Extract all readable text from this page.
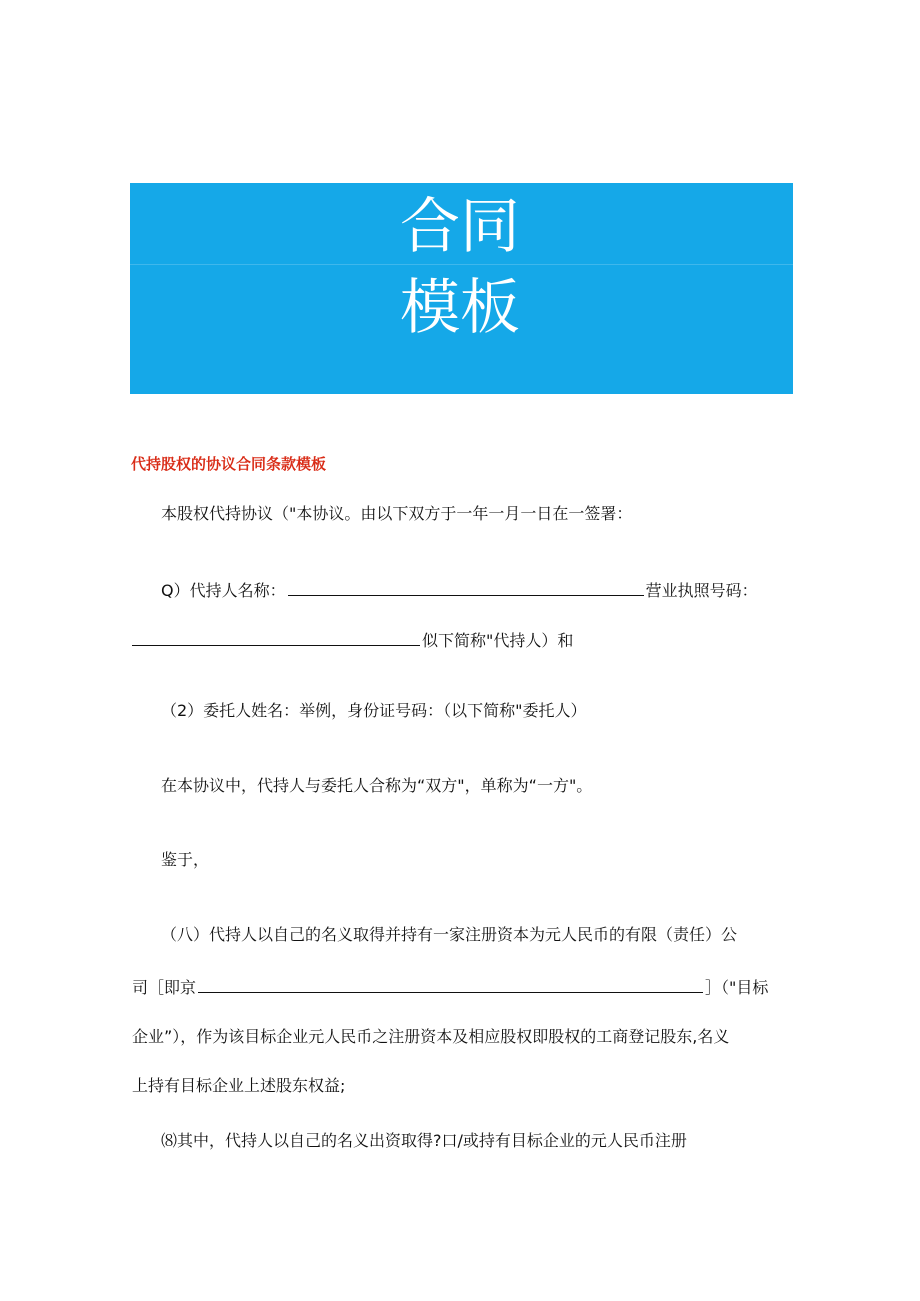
合同
模板
代持股权的协议合同条款模板
本股权代持协议（"本协议。由以下双方于一年一月一日在一签署：
Q）代持人名称：	营业执照号码：
似下简称"代持人）和
（2）委托人姓名：举例，身份证号码：（以下简称"委托人）
在本协议中，代持人与委托人合称为“双方"，单称为“一方"。
鉴于，
（八）代持人以自己的名义取得并持有一家注册资本为元人民币的有限（责任）公
司［即京	］（"目标
企业”），作为该目标企业元人民币之注册资本及相应股权即股权的工商登记股东,名义
上持有目标企业上述股东权益;
⑻其中，代持人以自己的名义出资取得?口/或持有目标企业的元人民币注册
